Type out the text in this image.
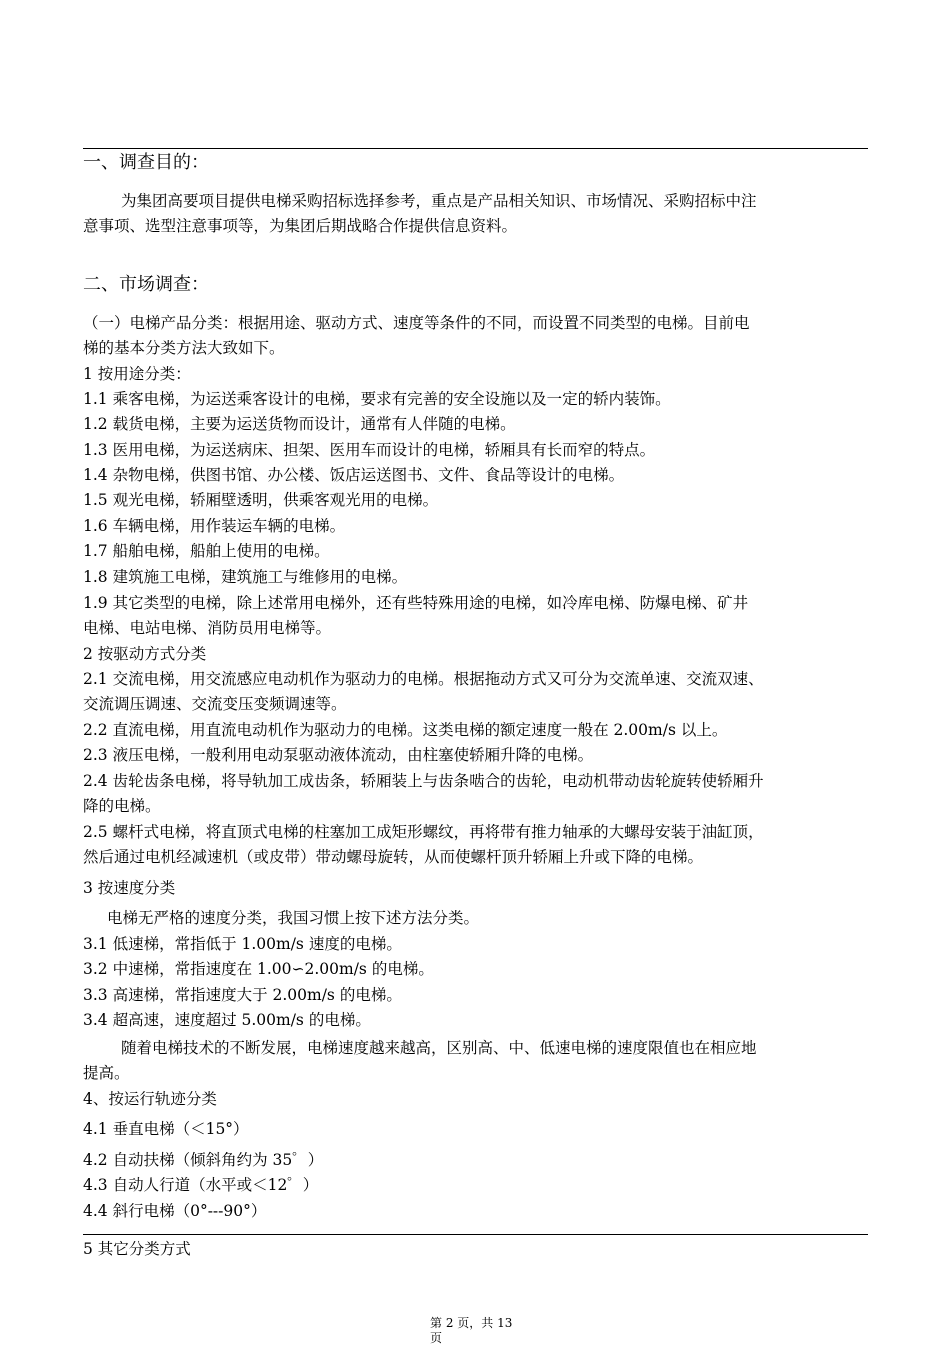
一、调查目的：
为集团高要项目提供电梯采购招标选择参考，重点是产品相关知识、市场情况、采购招标中注
意事项、选型注意事项等，为集团后期战略合作提供信息资料。
二、市场调查：
（一）电梯产品分类：根据用途、驱动方式、速度等条件的不同，而设置不同类型的电梯。目前电
梯的基本分类方法大致如下。
1 按用途分类：
1.1 乘客电梯，为运送乘客设计的电梯，要求有完善的安全设施以及一定的轿内装饰。
1.2 载货电梯，主要为运送货物而设计，通常有人伴随的电梯。
1.3 医用电梯，为运送病床、担架、医用车而设计的电梯，轿厢具有长而窄的特点。
1.4 杂物电梯，供图书馆、办公楼、饭店运送图书、文件、食品等设计的电梯。
1.5 观光电梯，轿厢壁透明，供乘客观光用的电梯。
1.6 车辆电梯，用作装运车辆的电梯。
1.7 船舶电梯，船舶上使用的电梯。
1.8 建筑施工电梯，建筑施工与维修用的电梯。
1.9 其它类型的电梯，除上述常用电梯外，还有些特殊用途的电梯，如冷库电梯、防爆电梯、矿井
电梯、电站电梯、消防员用电梯等。
2 按驱动方式分类
2.1 交流电梯，用交流感应电动机作为驱动力的电梯。根据拖动方式又可分为交流单速、交流双速、
交流调压调速、交流变压变频调速等。
2.2 直流电梯，用直流电动机作为驱动力的电梯。这类电梯的额定速度一般在 2.00m/s 以上。
2.3 液压电梯，一般利用电动泵驱动液体流动，由柱塞使轿厢升降的电梯。
2.4 齿轮齿条电梯，将导轨加工成齿条，轿厢装上与齿条啮合的齿轮，电动机带动齿轮旋转使轿厢升
降的电梯。
2.5 螺杆式电梯，将直顶式电梯的柱塞加工成矩形螺纹，再将带有推力轴承的大螺母安装于油缸顶，
然后通过电机经减速机（或皮带）带动螺母旋转，从而使螺杆顶升轿厢上升或下降的电梯。
3 按速度分类
电梯无严格的速度分类，我国习惯上按下述方法分类。
3.1 低速梯，常指低于 1.00m/s 速度的电梯。
3.2 中速梯，常指速度在 1.00∽2.00m/s 的电梯。
3.3 高速梯，常指速度大于 2.00m/s 的电梯。
3.4 超高速，速度超过 5.00m/s 的电梯。
随着电梯技术的不断发展，电梯速度越来越高，区别高、中、低速电梯的速度限值也在相应地
提高。
4、按运行轨迹分类
4.1 垂直电梯（＜15°）
4.2 自动扶梯（倾斜角约为 35゜）
4.3 自动人行道（水平或＜12゜）
4.4 斜行电梯（0°---90°）
5 其它分类方式
第 2 页，共 13
页
